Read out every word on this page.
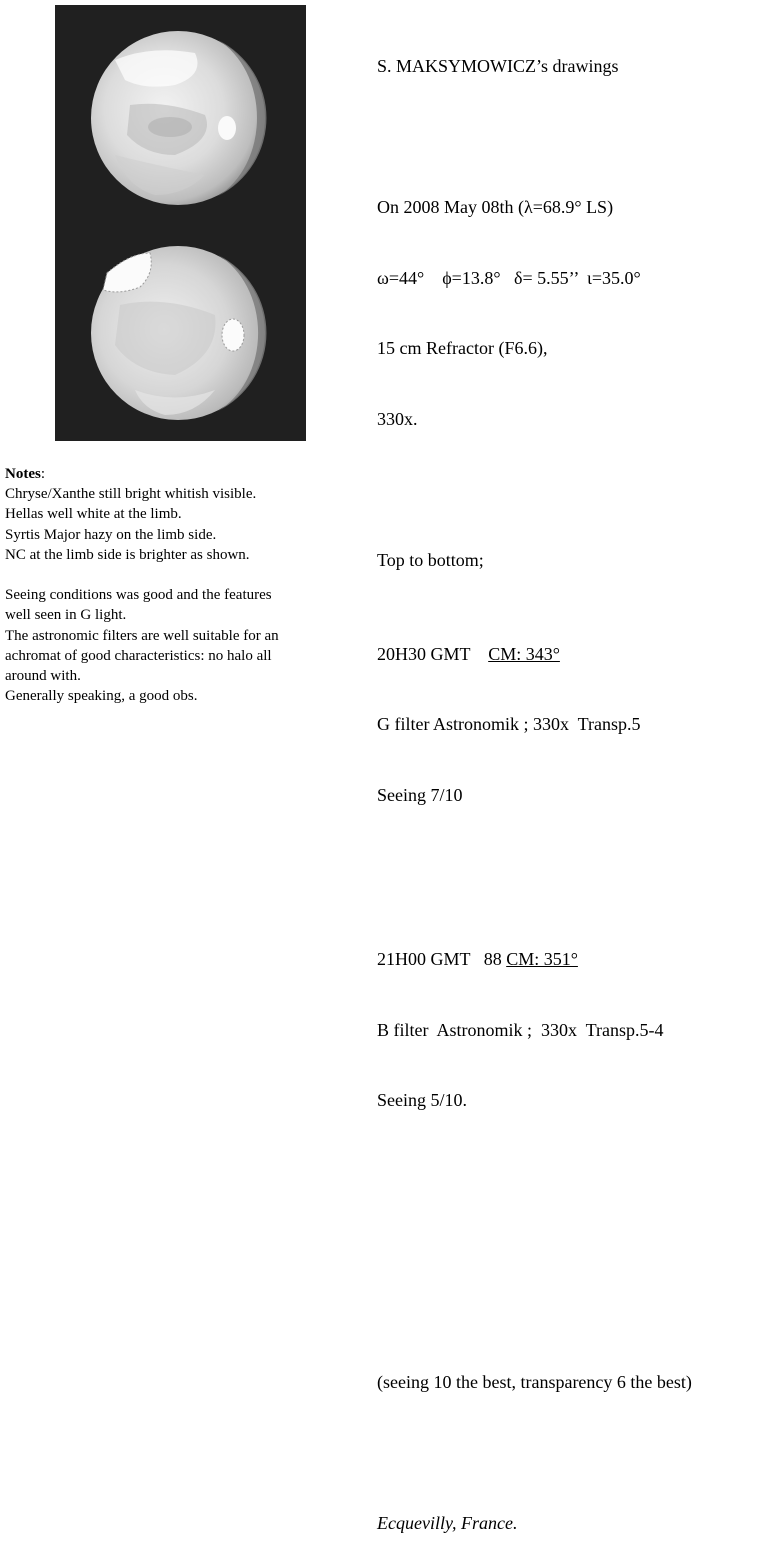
S. MAKSYMOWICZ’s drawings

On 2008 May 08th (λ=68.9° LS)

ω=44° ϕ=13.8° δ= 5.55’’ ι=35.0°

15 cm Refractor (F6.6),

330x.

Top to bottom;

20H30 GMT CM: 343°

G filter Astronomik ; 330x  Transp.5

Seeing 7/10

21H00 GMT 88 CM: 351°

B filter  Astronomik ;  330x  Transp.5-4

Seeing 5/10.

(seeing 10 the best, transparency 6 the best)

Ecquevilly, France.

Notes:
Chryse/Xanthe still bright whitish visible.
Hellas well white at the limb.
Syrtis Major hazy on the limb side.
NC at the limb side is brighter as shown.
Seeing conditions was good and the features
well seen in G light.
The astronomic filters are well suitable for an
achromat of good characteristics: no halo all
around with.
Generally speaking, a good obs.
